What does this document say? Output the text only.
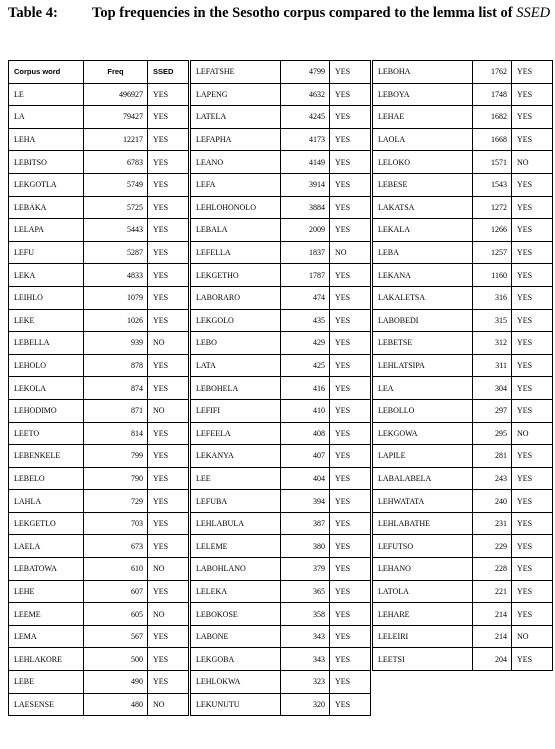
Table 4: Top frequencies in the Sesotho corpus compared to the lemma list of SSED
Corpus word	Freq	SSED
LE	496927	YES
LA	79427	YES
LEHA	12217	YES
LEBITSO	6783	YES
LEKGOTLA	5749	YES
LEBAKA	5725	YES
LELAPA	5443	YES
LEFU	5287	YES
LEKA	4833	YES
LEIHLO	1079	YES
LEKE	1026	YES
LEBELLA	939	NO
LEHOLO	878	YES
LEKOLA	874	YES
LEHODIMO	871	NO
LEETO	814	YES
LEBENKELE	799	YES
LEBELO	790	YES
LAHLA	729	YES
LEKGETLO	703	YES
LAELA	673	YES
LEBATOWA	610	NO
LEHE	607	YES
LEEME	605	NO
LEMA	567	YES
LEHLAKORE	500	YES
LEBE	490	YES
LAESENSE	480	NO
LEFATSHE	4799	YES
LAPENG	4632	YES
LATELA	4245	YES
LEFAPHA	4173	YES
LEANO	4149	YES
LEFA	3914	YES
LEHLOHONOLO	3884	YES
LEBALA	2009	YES
LEFELLA	1837	NO
LEKGETHO	1787	YES
LABORARO	474	YES
LEKGOLO	435	YES
LEBO	429	YES
LATA	425	YES
LEBOHELA	416	YES
LEFIFI	410	YES
LEFEELA	408	YES
LEKANYA	407	YES
LEE	404	YES
LEFUBA	394	YES
LEHLABULA	387	YES
LELEME	380	YES
LABOHLANO	379	YES
LELEKA	365	YES
LEBOKOSE	358	YES
LABONE	343	YES
LEKGOBA	343	YES
LEHLOKWA	323	YES
LEKUNUTU	320	YES
LEBOHA	1762	YES
LEBOYA	1748	YES
LEHAE	1682	YES
LAOLA	1668	YES
LELOKO	1571	NO
LEBESE	1543	YES
LAKATSA	1272	YES
LEKALA	1266	YES
LEBA	1257	YES
LEKANA	1160	YES
LAKALETSA	316	YES
LABOBEDI	315	YES
LEBETSE	312	YES
LEHLATSIPA	311	YES
LEA	304	YES
LEBOLLO	297	YES
LEKGOWA	295	NO
LAPILE	281	YES
LABALABELA	243	YES
LEHWATATA	240	YES
LEHLABATHE	231	YES
LEFUTSO	229	YES
LEHANO	228	YES
LATOLA	221	YES
LEHARE	214	YES
LELEIRI	214	NO
LEETSI	204	YES
